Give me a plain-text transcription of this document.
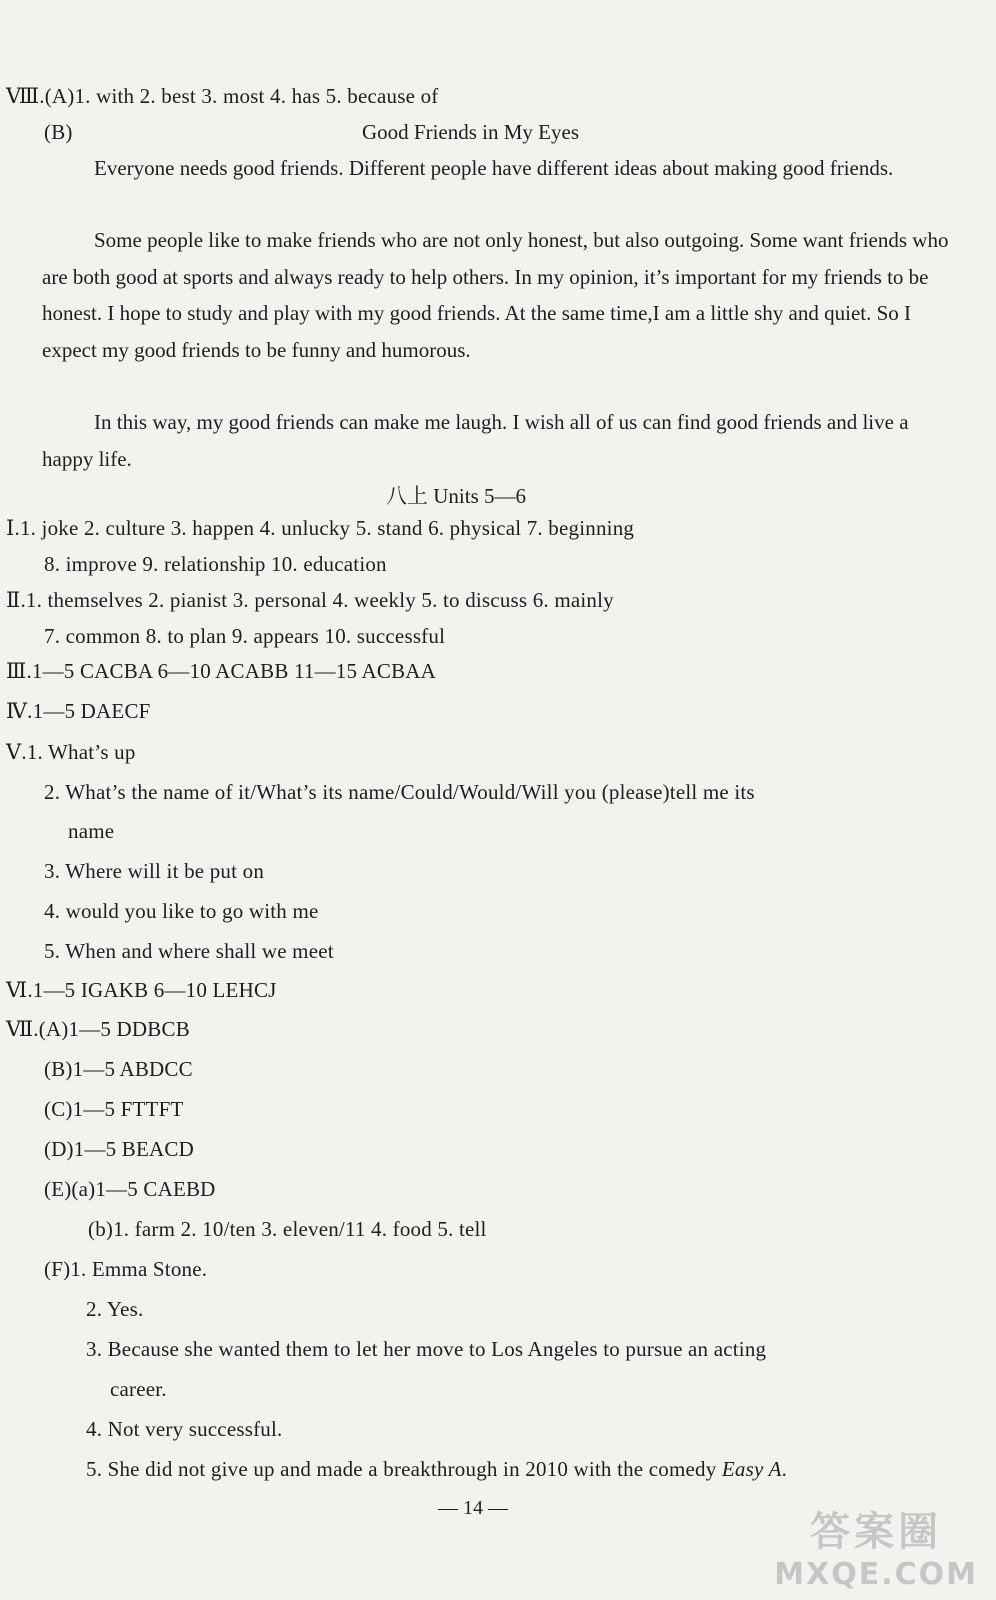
Ⅷ.(A)1. with 2. best 3. most 4. has 5. because of
(B)	Good Friends in My Eyes
Everyone needs good friends. Different people have different ideas about making good friends.
Some people like to make friends who are not only honest, but also outgoing. Some want friends who are both good at sports and always ready to help others. In my opinion, it’s important for my friends to be honest. I hope to study and play with my good friends. At the same time,I am a little shy and quiet. So I expect my good friends to be funny and humorous.
In this way, my good friends can make me laugh. I wish all of us can find good friends and live a happy life.
八上 Units 5—6
Ⅰ.1. joke 2. culture 3. happen 4. unlucky 5. stand 6. physical 7. beginning
8. improve 9. relationship 10. education
Ⅱ.1. themselves 2. pianist 3. personal 4. weekly 5. to discuss 6. mainly
7. common 8. to plan 9. appears 10. successful
Ⅲ.1—5 CACBA 6—10 ACABB 11—15 ACBAA
Ⅳ.1—5 DAECF
Ⅴ.1. What’s up
2. What’s the name of it/What’s its name/Could/Would/Will you (please)tell me its
name
3. Where will it be put on
4. would you like to go with me
5. When and where shall we meet
Ⅵ.1—5 IGAKB 6—10 LEHCJ
Ⅶ.(A)1—5 DDBCB
(B)1—5 ABDCC
(C)1—5 FTTFT
(D)1—5 BEACD
(E)(a)1—5 CAEBD
(b)1. farm 2. 10/ten 3. eleven/11 4. food 5. tell
(F)1. Emma Stone.
2. Yes.
3. Because she wanted them to let her move to Los Angeles to pursue an acting
career.
4. Not very successful.
5. She did not give up and made a breakthrough in 2010 with the comedy Easy A.
— 14 —
答案圈
MXQE.COM
